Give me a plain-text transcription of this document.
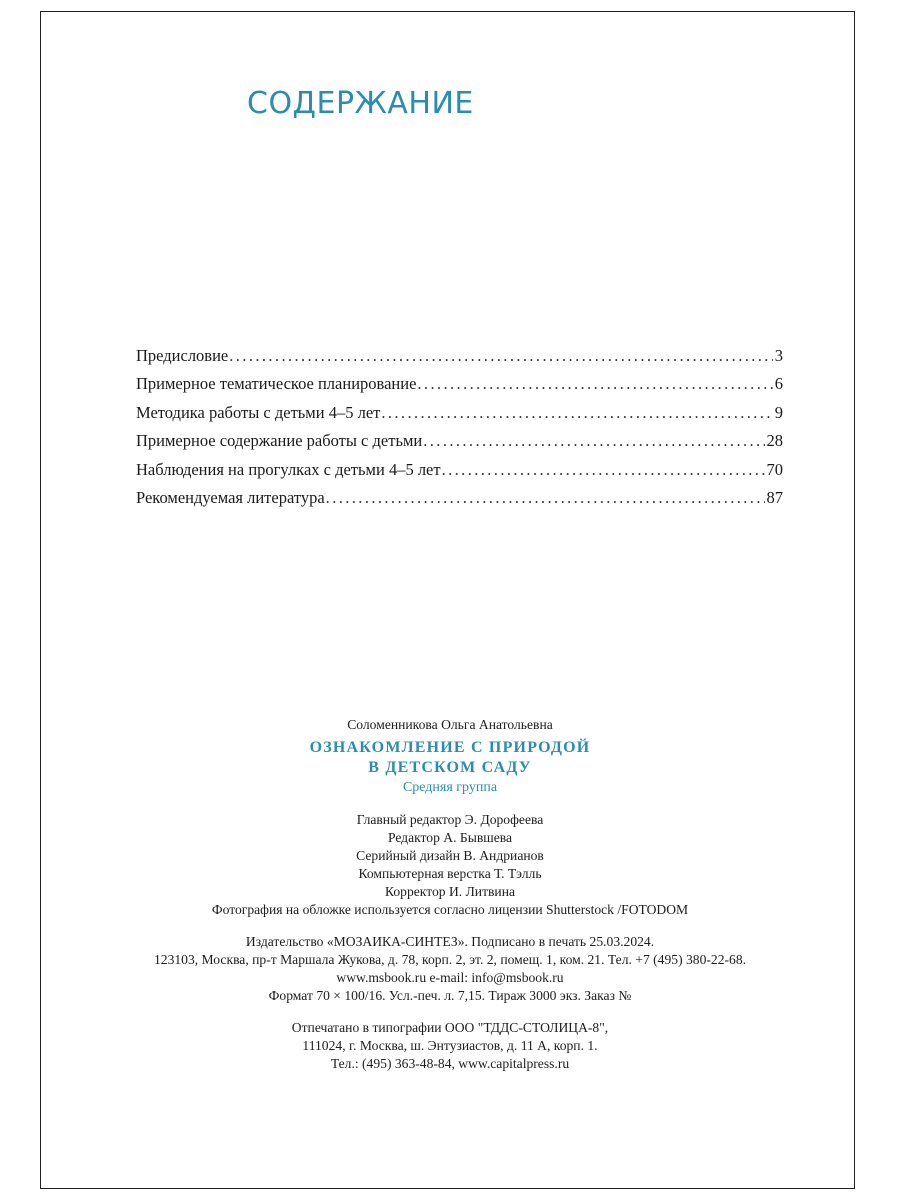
СОДЕРЖАНИЕ
Предисловие .....	3
Примерное тематическое планирование .....	6
Методика работы с детьми 4–5 лет .....	9
Примерное содержание работы с детьми .....	28
Наблюдения на прогулках с детьми 4–5 лет .....	70
Рекомендуемая литература .....	87

Соломенникова Ольга Анатольевна

ОЗНАКОМЛЕНИЕ С ПРИРОДОЙ

В ДЕТСКОМ САДУ

Средняя группа

Главный редактор Э. Дорофеева

Редактор А. Бывшева

Серийный дизайн В. Андрианов

Компьютерная верстка Т. Тэлль

Корректор И. Литвина

Фотография на обложке используется согласно лицензии Shutterstock /FOTODOM

Издательство «МОЗАИКА-СИНТЕЗ». Подписано в печать 25.03.2024.

123103, Москва, пр-т Маршала Жукова, д. 78, корп. 2, эт. 2, помещ. 1, ком. 21. Тел. +7 (495) 380-22-68.

www.msbook.ru e-mail: info@msbook.ru

Формат 70 × 100/16. Усл.-печ. л. 7,15. Тираж 3000 экз. Заказ №

Отпечатано в типографии ООО "ТДДС-СТОЛИЦА-8",

111024, г. Москва, ш. Энтузиастов, д. 11 А, корп. 1.

Тел.: (495) 363-48-84, www.capitalpress.ru
